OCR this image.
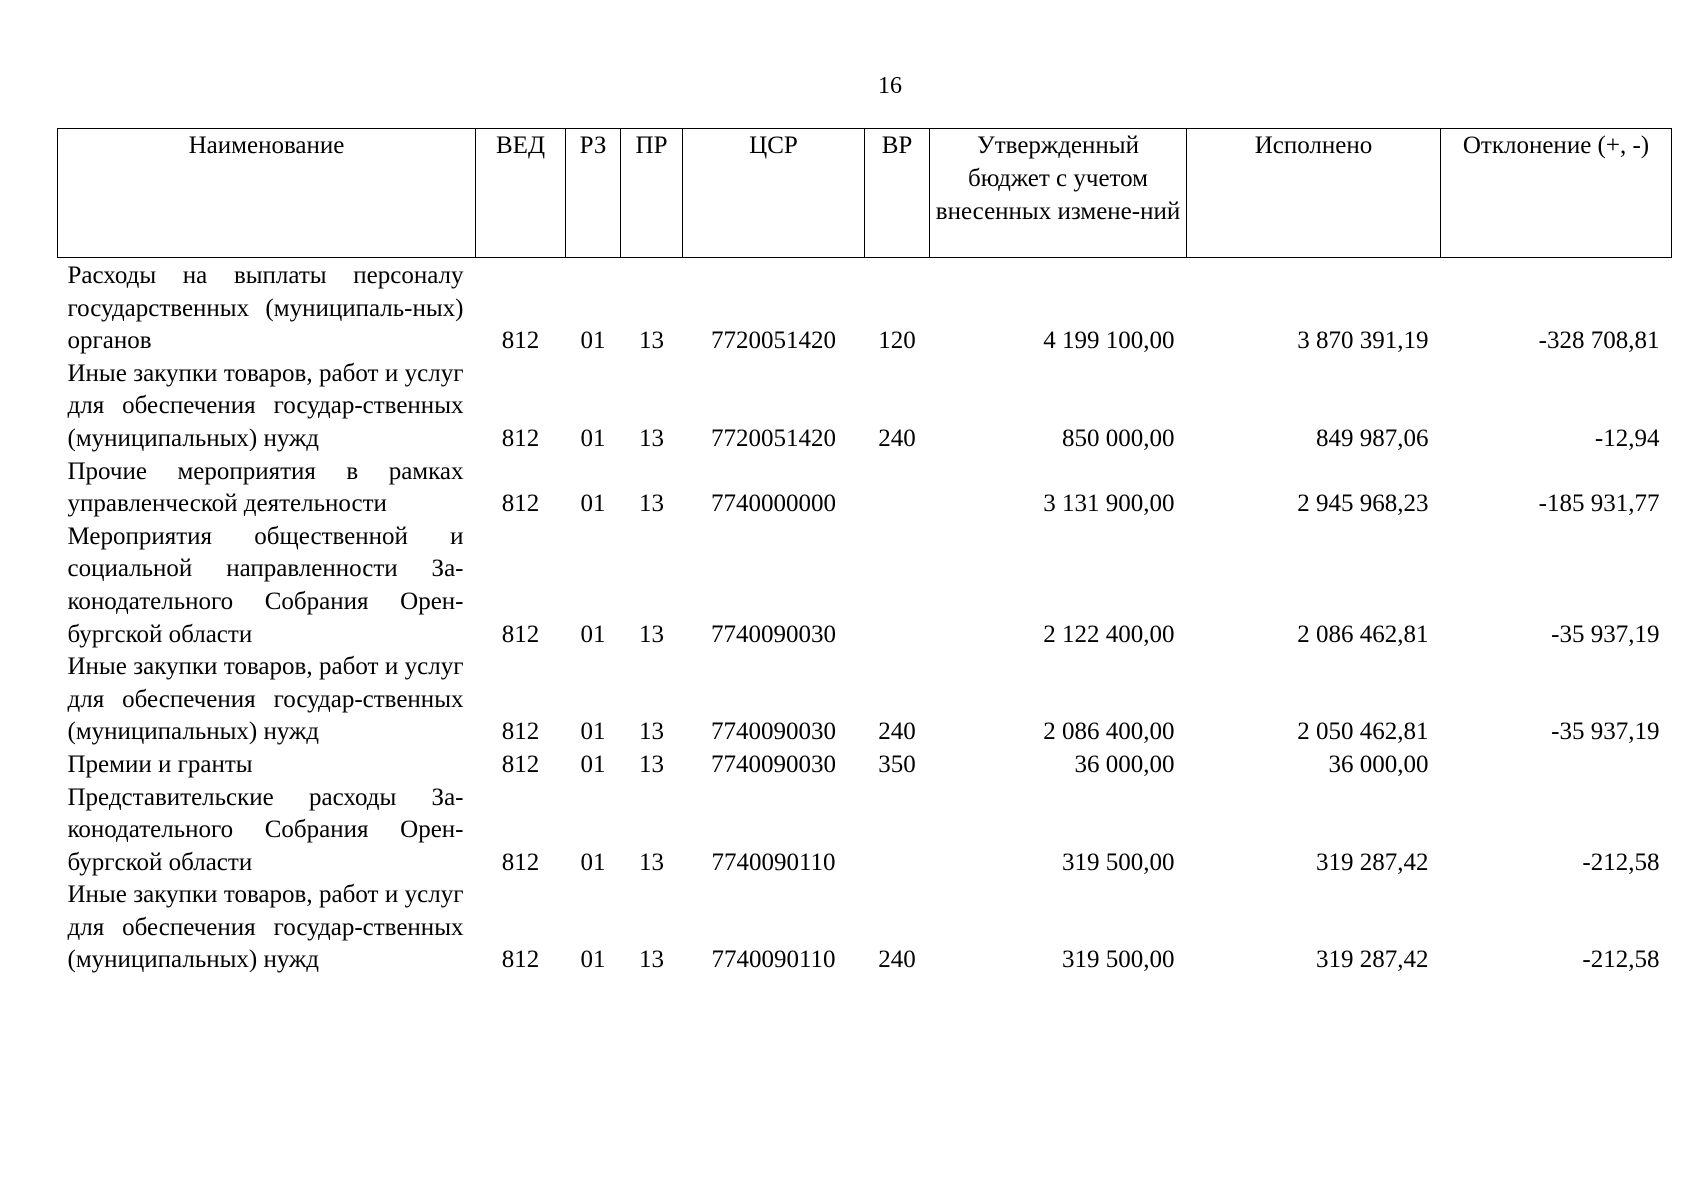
16
Наименование	ВЕД	РЗ	ПР	ЦСР	ВР	Утвержденный бюджет с учетом внесенных измене-ний	Исполнено	Отклонение (+, -)
Расходы на выплаты персоналу государственных (муниципаль-ных) органов	812	01	13	7720051420	120	4 199 100,00	3 870 391,19	-328 708,81
Иные закупки товаров, работ и услуг для обеспечения государ-ственных (муниципальных) нужд	812	01	13	7720051420	240	850 000,00	849 987,06	-12,94
Прочие мероприятия в рамках управленческой деятельности	812	01	13	7740000000		3 131 900,00	2 945 968,23	-185 931,77
Мероприятия общественной и социальной направленности За-конодательного Собрания Орен-бургской области	812	01	13	7740090030		2 122 400,00	2 086 462,81	-35 937,19
Иные закупки товаров, работ и услуг для обеспечения государ-ственных (муниципальных) нужд	812	01	13	7740090030	240	2 086 400,00	2 050 462,81	-35 937,19
Премии и гранты	812	01	13	7740090030	350	36 000,00	36 000,00	
Представительские расходы За-конодательного Собрания Орен-бургской области	812	01	13	7740090110		319 500,00	319 287,42	-212,58
Иные закупки товаров, работ и услуг для обеспечения государ-ственных (муниципальных) нужд	812	01	13	7740090110	240	319 500,00	319 287,42	-212,58
